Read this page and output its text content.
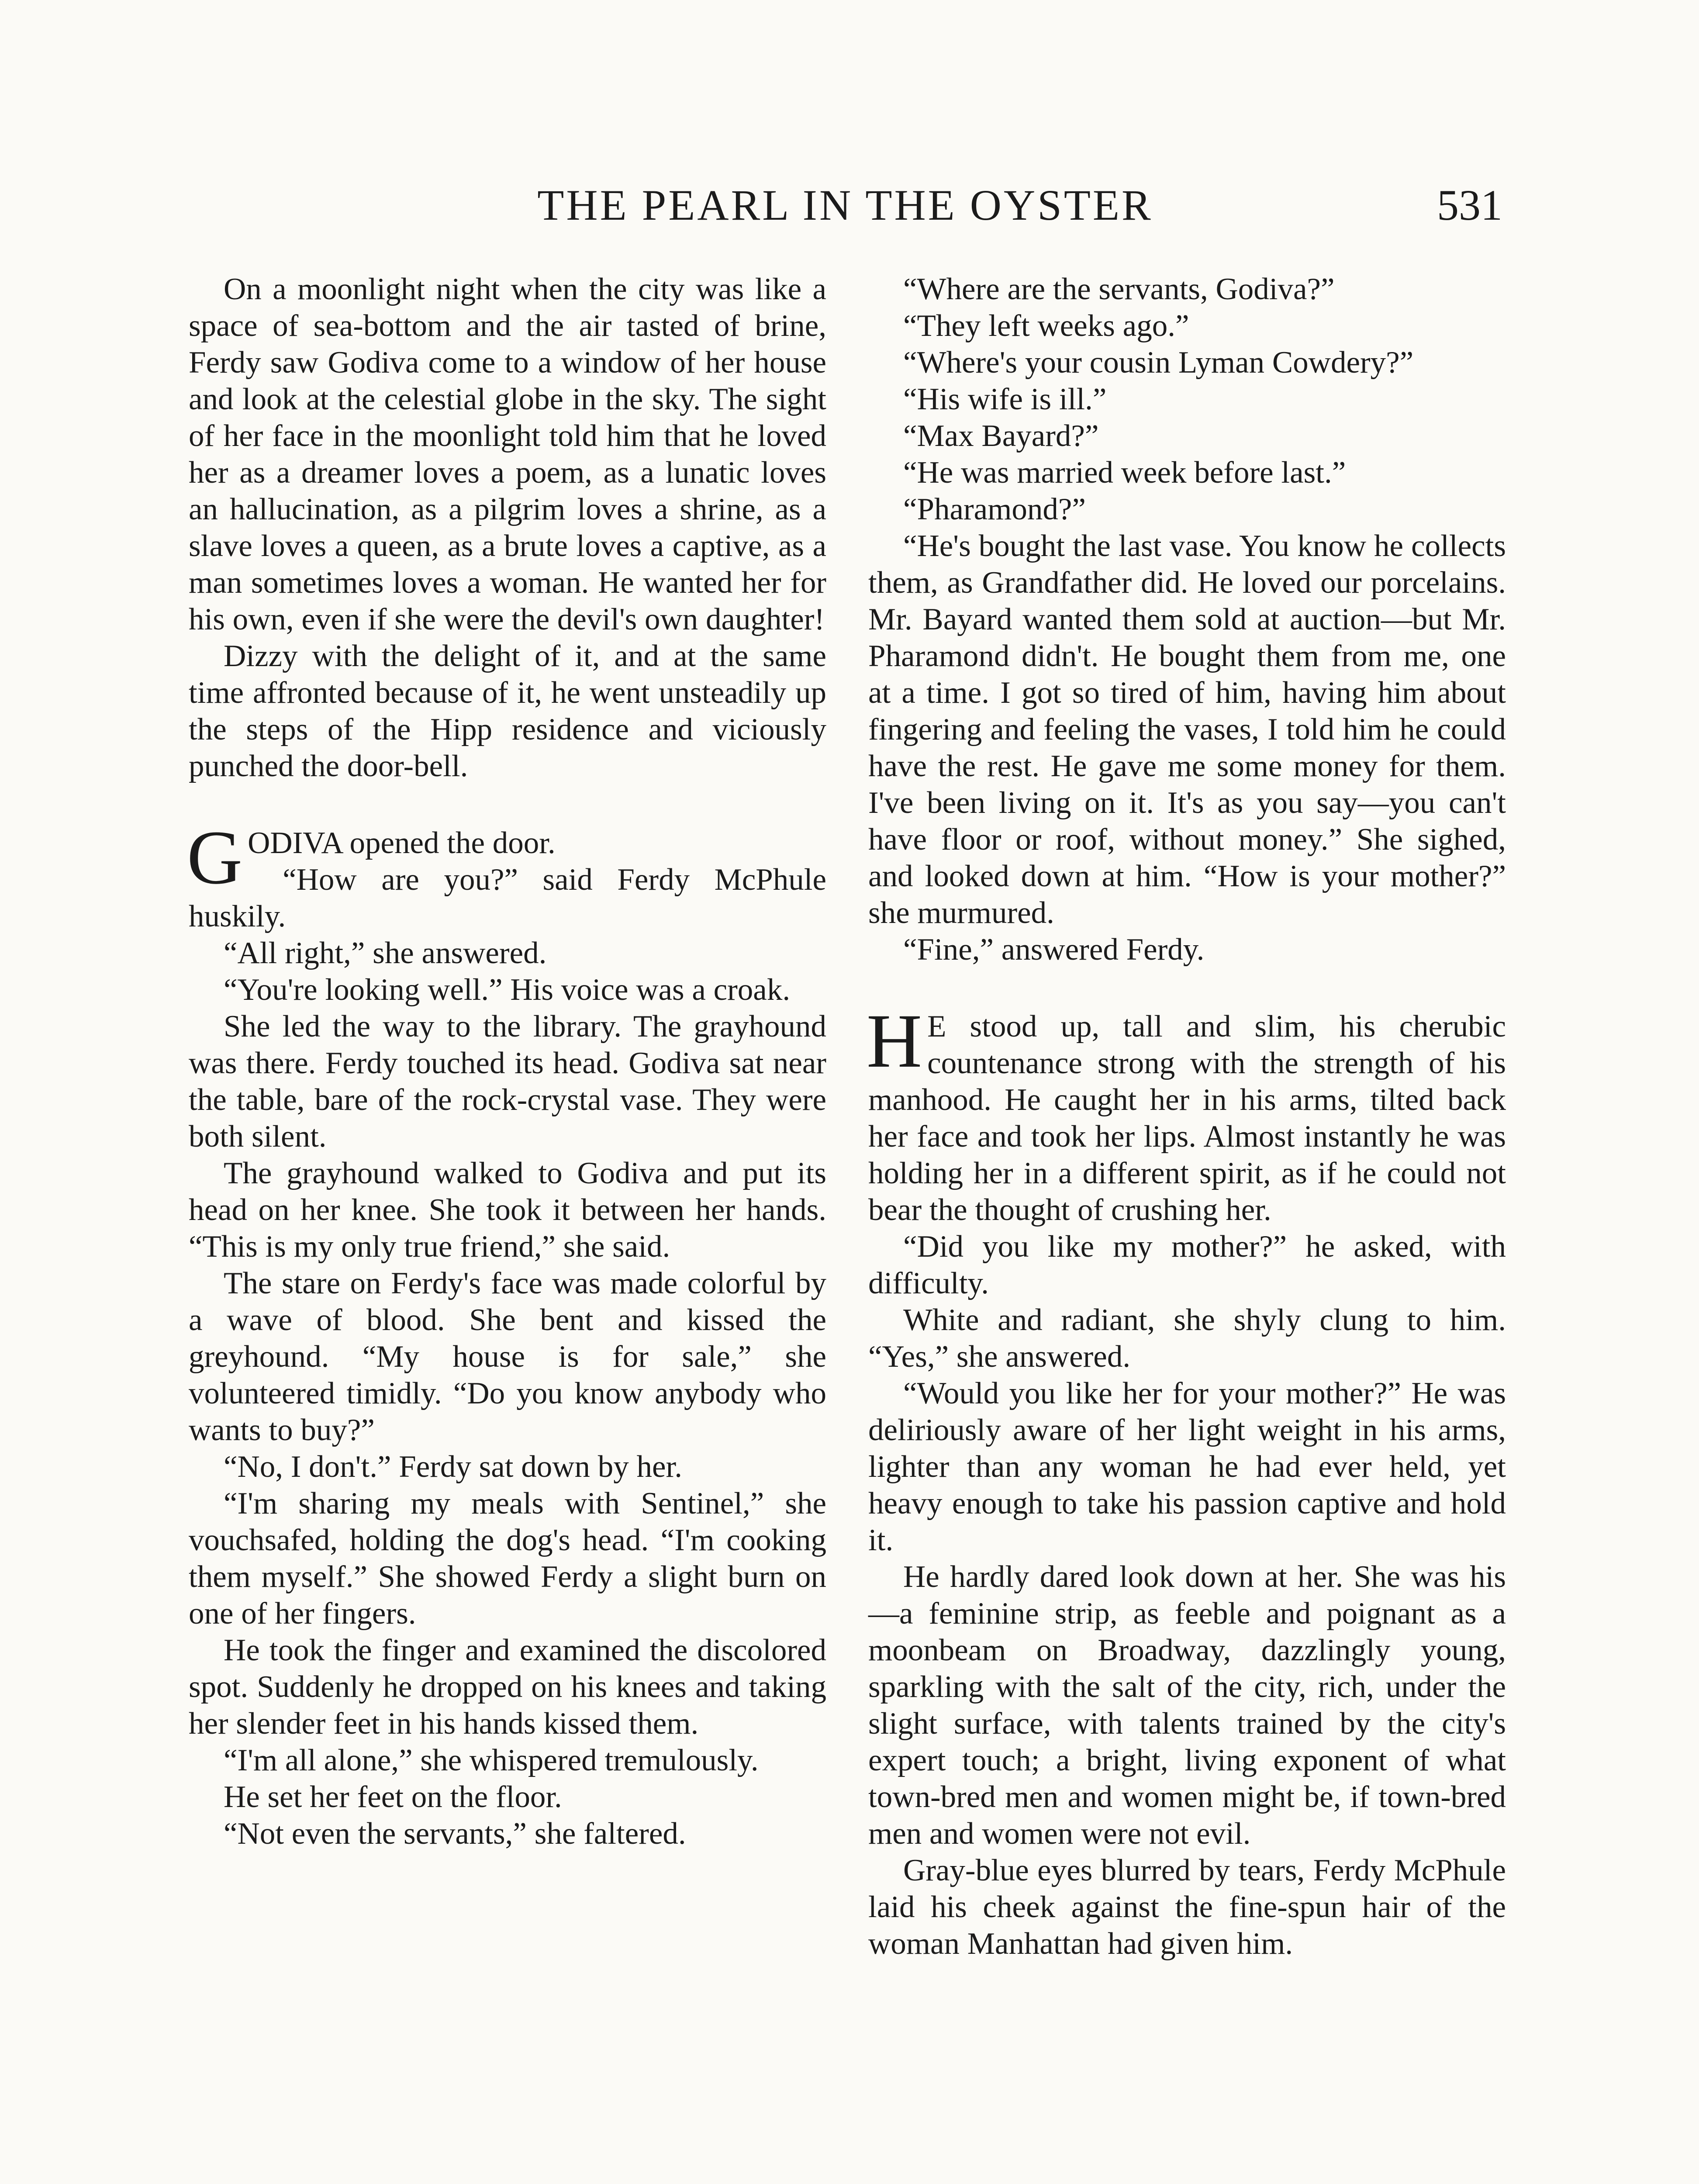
THE PEARL IN THE OYSTER	531

On a moonlight night when the city was like a space of sea-bottom and the air tasted of brine, Ferdy saw Godiva come to a window of her house and look at the celestial globe in the sky. The sight of her face in the moonlight told him that he loved her as a dreamer loves a poem, as a lunatic loves an hallucination, as a pilgrim loves a shrine, as a slave loves a queen, as a brute loves a captive, as a man sometimes loves a woman. He wanted her for his own, even if she were the devil's own daughter!

Dizzy with the delight of it, and at the same time affronted because of it, he went unsteadily up the steps of the Hipp residence and viciously punched the door-bell.

GODIVA opened the door.

“How are you?” said Ferdy McPhule huskily.

“All right,” she answered.

“You're looking well.” His voice was a croak.

She led the way to the library. The grayhound was there. Ferdy touched its head. Godiva sat near the table, bare of the rock-crystal vase. They were both silent.

The grayhound walked to Godiva and put its head on her knee. She took it between her hands. “This is my only true friend,” she said.

The stare on Ferdy's face was made colorful by a wave of blood. She bent and kissed the greyhound. “My house is for sale,” she volunteered timidly. “Do you know anybody who wants to buy?”

“No, I don't.” Ferdy sat down by her.

“I'm sharing my meals with Sentinel,” she vouchsafed, holding the dog's head. “I'm cooking them myself.” She showed Ferdy a slight burn on one of her fingers.

He took the finger and examined the discolored spot. Suddenly he dropped on his knees and taking her slender feet in his hands kissed them.

“I'm all alone,” she whispered tremulously.

He set her feet on the floor.

“Not even the servants,” she faltered.

“Where are the servants, Godiva?”

“They left weeks ago.”

“Where's your cousin Lyman Cowdery?”

“His wife is ill.”

“Max Bayard?”

“He was married week before last.”

“Pharamond?”

“He's bought the last vase. You know he collects them, as Grandfather did. He loved our porcelains. Mr. Bayard wanted them sold at auction—but Mr. Pharamond didn't. He bought them from me, one at a time. I got so tired of him, having him about fingering and feeling the vases, I told him he could have the rest. He gave me some money for them. I've been living on it. It's as you say—you can't have floor or roof, without money.” She sighed, and looked down at him. “How is your mother?” she murmured.

“Fine,” answered Ferdy.

H E stood up, tall and slim, his cherubic countenance strong with the strength of his manhood. He caught her in his arms, tilted back her face and took her lips. Almost instantly he was holding her in a different spirit, as if he could not bear the thought of crushing her.

“Did you like my mother?” he asked, with difficulty.

White and radiant, she shyly clung to him. “Yes,” she answered.

“Would you like her for your mother?” He was deliriously aware of her light weight in his arms, lighter than any woman he had ever held, yet heavy enough to take his passion captive and hold it.

He hardly dared look down at her. She was his—a feminine strip, as feeble and poignant as a moonbeam on Broadway, dazzlingly young, sparkling with the salt of the city, rich, under the slight surface, with talents trained by the city's expert touch; a bright, living exponent of what town-bred men and women might be, if town-bred men and women were not evil.

Gray-blue eyes blurred by tears, Ferdy McPhule laid his cheek against the fine-spun hair of the woman Manhattan had given him.
